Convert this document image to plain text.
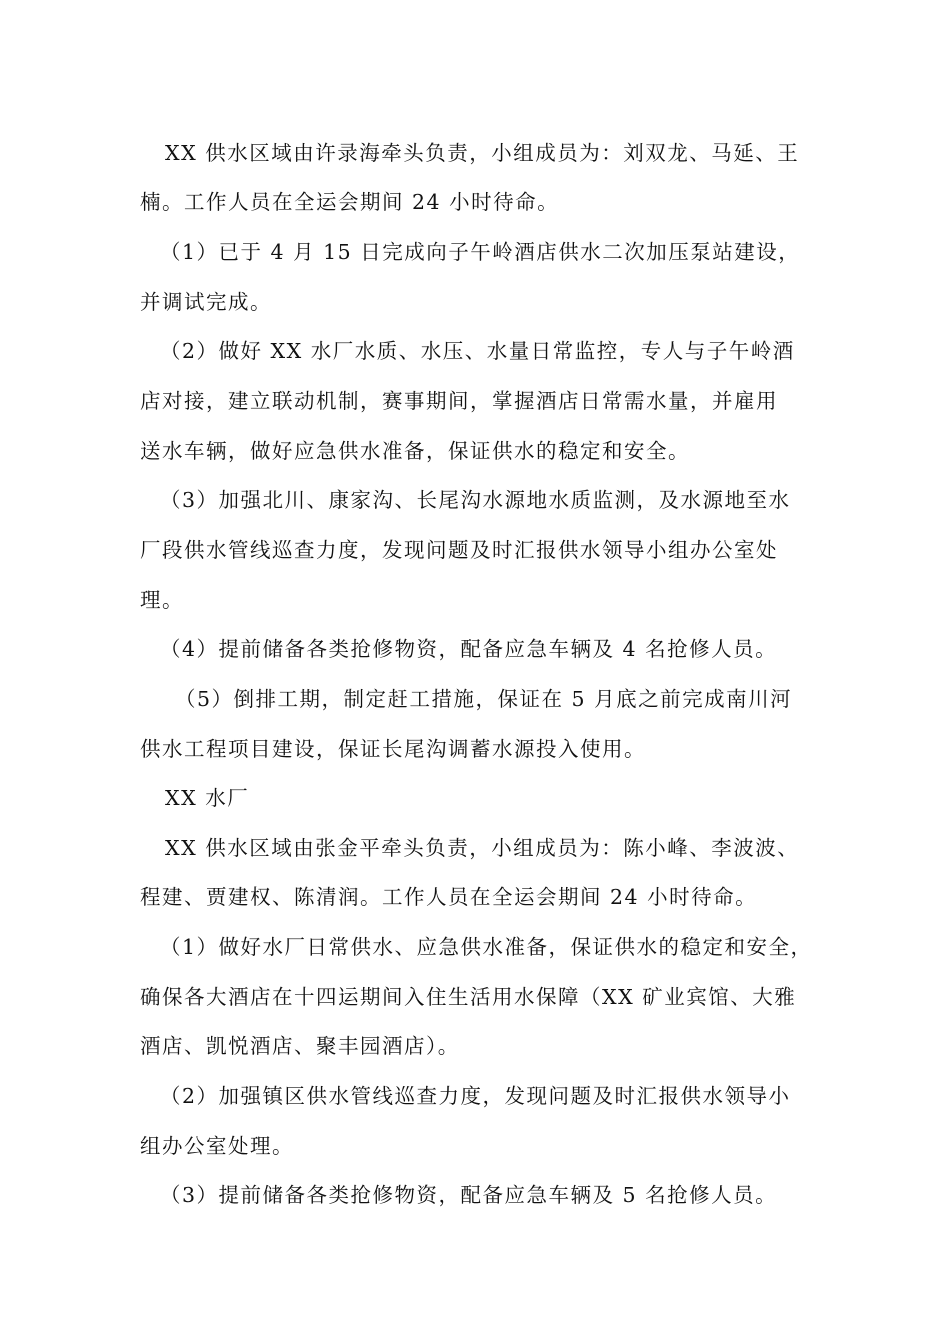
XX 供水区域由许录海牵头负责，小组成员为：刘双龙、马延、王
楠。工作人员在全运会期间 24 小时待命。
（1）已于 4 月 15 日完成向子午岭酒店供水二次加压泵站建设，
并调试完成。
（2）做好 XX 水厂水质、水压、水量日常监控，专人与子午岭酒
店对接，建立联动机制，赛事期间，掌握酒店日常需水量，并雇用
送水车辆，做好应急供水准备，保证供水的稳定和安全。
（3）加强北川、康家沟、长尾沟水源地水质监测，及水源地至水
厂段供水管线巡查力度，发现问题及时汇报供水领导小组办公室处
理。
（4）提前储备各类抢修物资，配备应急车辆及 4 名抢修人员。
（5）倒排工期，制定赶工措施，保证在 5 月底之前完成南川河
供水工程项目建设，保证长尾沟调蓄水源投入使用。
XX 水厂
XX 供水区域由张金平牵头负责，小组成员为：陈小峰、李波波、
程建、贾建权、陈清润。工作人员在全运会期间 24 小时待命。
（1）做好水厂日常供水、应急供水准备，保证供水的稳定和安全，
确保各大酒店在十四运期间入住生活用水保障（XX 矿业宾馆、大雅
酒店、凯悦酒店、聚丰园酒店）。
（2）加强镇区供水管线巡查力度，发现问题及时汇报供水领导小
组办公室处理。
（3）提前储备各类抢修物资，配备应急车辆及 5 名抢修人员。
